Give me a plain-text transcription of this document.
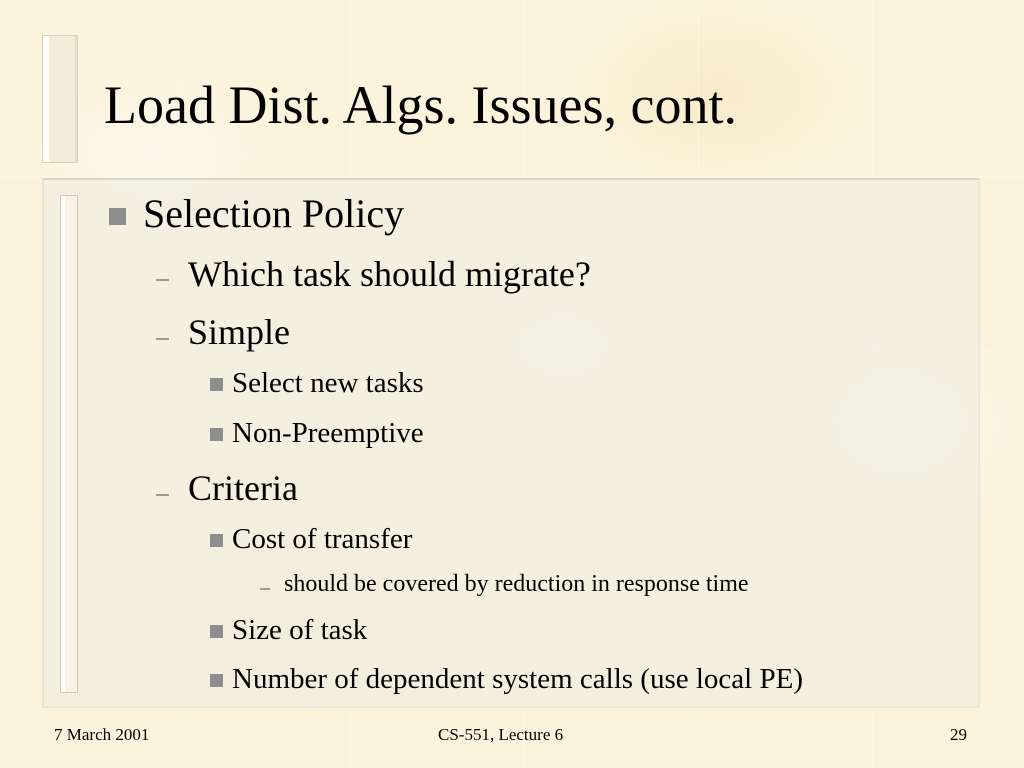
Load Dist. Algs. Issues, cont.
Selection Policy
Which task should migrate?
Simple
Select new tasks
Non-Preemptive
Criteria
Cost of transfer
should be covered by reduction in response time
Size of task
Number of dependent system calls (use local PE)
7 March 2001	CS-551, Lecture 6	29
